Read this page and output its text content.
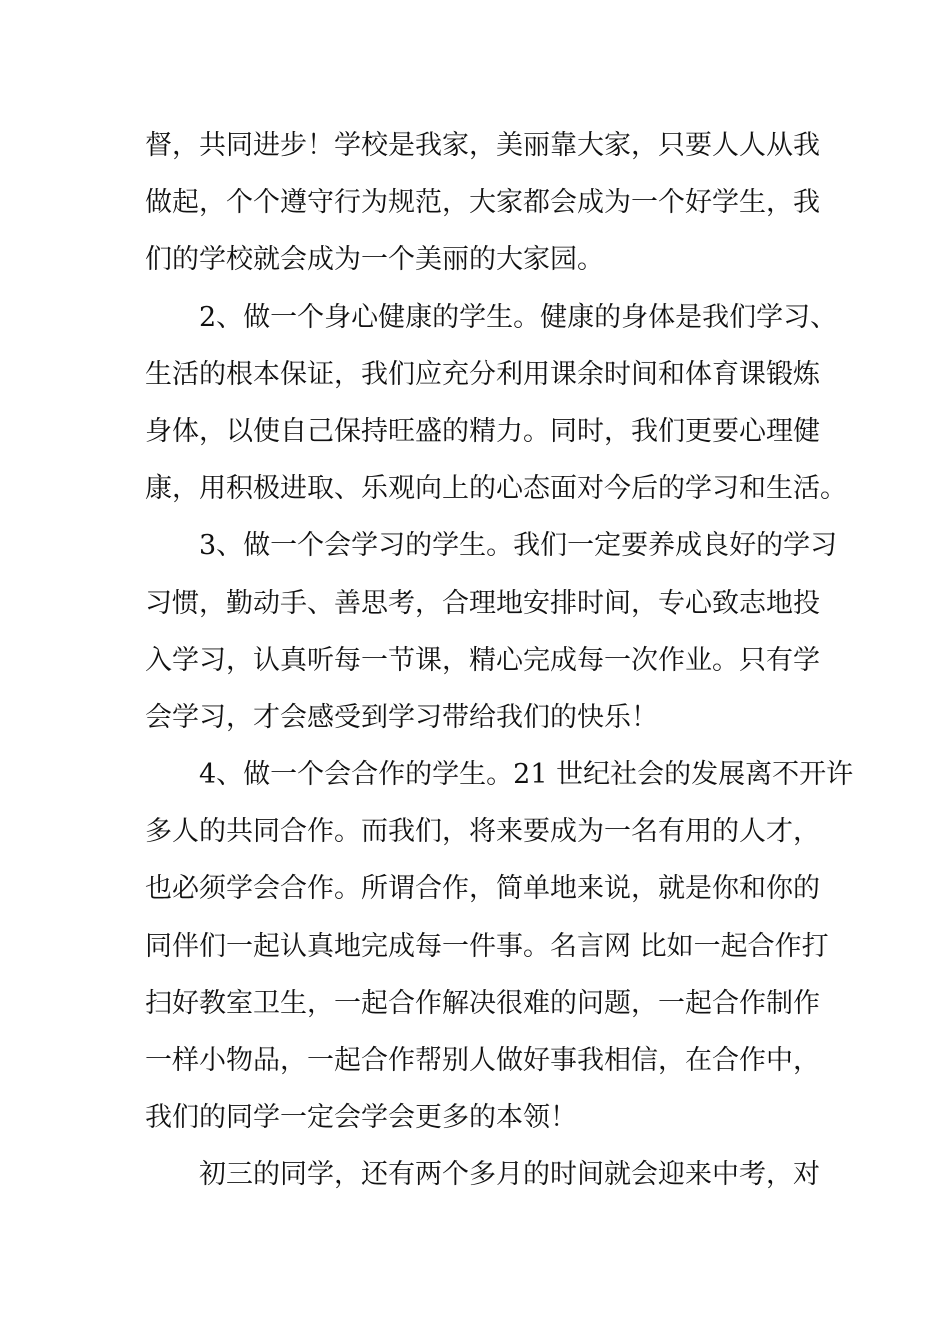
督，共同进步！学校是我家，美丽靠大家，只要人人从我
做起，个个遵守行为规范，大家都会成为一个好学生，我
们的学校就会成为一个美丽的大家园。
2、做一个身心健康的学生。健康的身体是我们学习、
生活的根本保证，我们应充分利用课余时间和体育课锻炼
身体，以使自己保持旺盛的精力。同时，我们更要心理健
康，用积极进取、乐观向上的心态面对今后的学习和生活。
3、做一个会学习的学生。我们一定要养成良好的学习
习惯，勤动手、善思考，合理地安排时间，专心致志地投
入学习，认真听每一节课，精心完成每一次作业。只有学
会学习，才会感受到学习带给我们的快乐！
4、做一个会合作的学生。21 世纪社会的发展离不开许
多人的共同合作。而我们，将来要成为一名有用的人才，
也必须学会合作。所谓合作，简单地来说，就是你和你的
同伴们一起认真地完成每一件事。名言网 比如一起合作打
扫好教室卫生，一起合作解决很难的问题，一起合作制作
一样小物品，一起合作帮别人做好事我相信，在合作中，
我们的同学一定会学会更多的本领！
初三的同学，还有两个多月的时间就会迎来中考，对
